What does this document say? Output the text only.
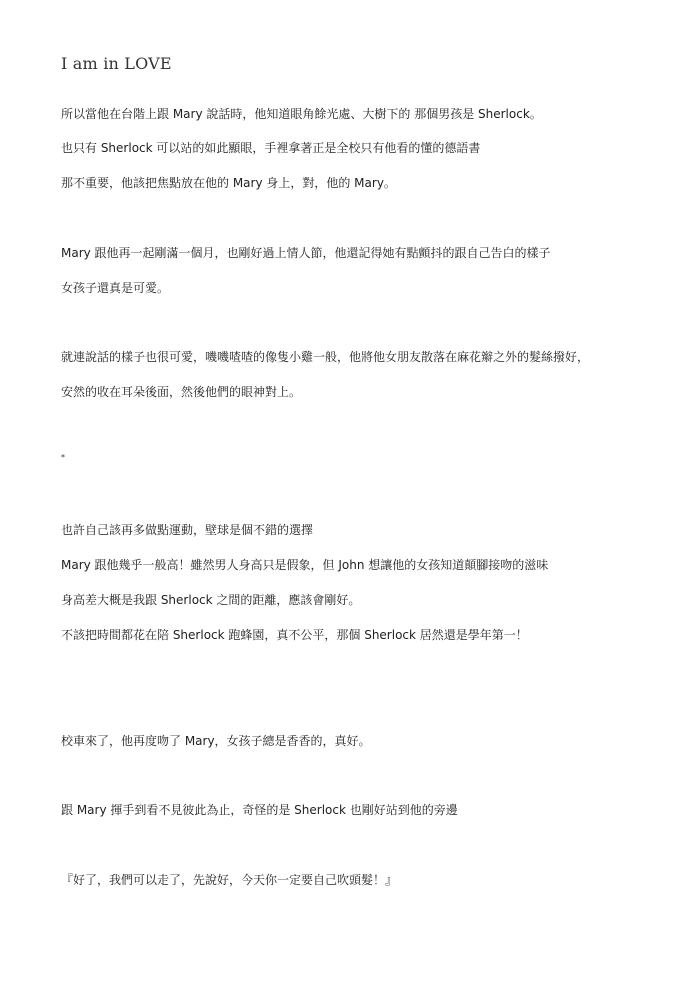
I am in LOVE
所以當他在台階上跟 Mary 說話時，他知道眼角餘光處、大樹下的 那個男孩是 Sherlock。
也只有 Sherlock 可以站的如此顯眼，手裡拿著正是全校只有他看的懂的德語書
那不重要，他該把焦點放在他的 Mary 身上，對，他的 Mary。
Mary 跟他再一起剛滿一個月，也剛好過上情人節，他還記得她有點顫抖的跟自己告白的樣子
女孩子還真是可愛。
就連說話的樣子也很可愛，嘰嘰喳喳的像隻小雞一般，他將他女朋友散落在麻花辮之外的髮絲撥好，
安然的收在耳朵後面，然後他們的眼神對上。
*
也許自己該再多做點運動，壁球是個不錯的選擇
Mary 跟他幾乎一般高！雖然男人身高只是假象，但 John 想讓他的女孩知道顛腳接吻的滋味
身高差大概是我跟 Sherlock 之間的距離，應該會剛好。
不該把時間都花在陪 Sherlock 跑蜂園，真不公平，那個 Sherlock 居然還是學年第一！
校車來了，他再度吻了 Mary，女孩子總是香香的，真好。
跟 Mary 揮手到看不見彼此為止，奇怪的是 Sherlock 也剛好站到他的旁邊
『好了，我們可以走了，先說好，今天你一定要自己吹頭髮！』
